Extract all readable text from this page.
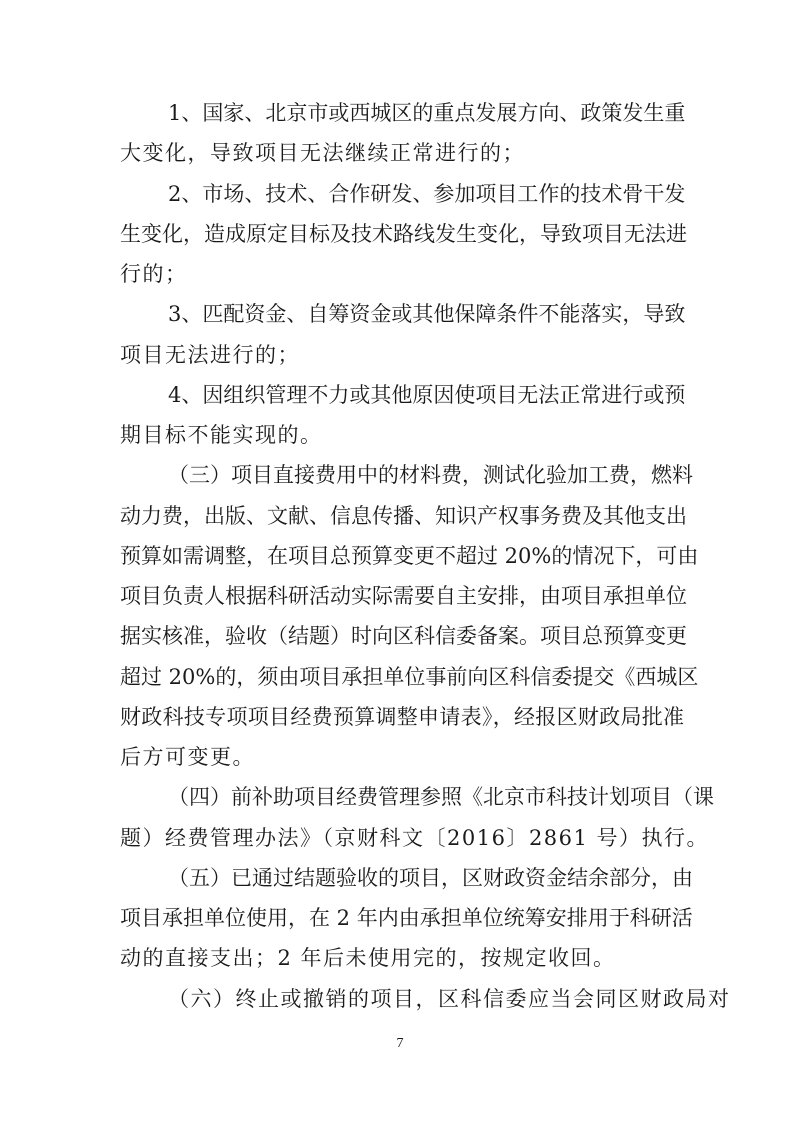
1、国家、北京市或西城区的重点发展方向、政策发生重
大变化，导致项目无法继续正常进行的；
2、市场、技术、合作研发、参加项目工作的技术骨干发
生变化，造成原定目标及技术路线发生变化，导致项目无法进
行的；
3、匹配资金、自筹资金或其他保障条件不能落实，导致
项目无法进行的；
4、因组织管理不力或其他原因使项目无法正常进行或预
期目标不能实现的。
（三）项目直接费用中的材料费，测试化验加工费，燃料
动力费，出版、文献、信息传播、知识产权事务费及其他支出
预算如需调整，在项目总预算变更不超过 20%的情况下，可由
项目负责人根据科研活动实际需要自主安排，由项目承担单位
据实核准，验收（结题）时向区科信委备案。项目总预算变更
超过 20%的，须由项目承担单位事前向区科信委提交《西城区
财政科技专项项目经费预算调整申请表》，经报区财政局批准
后方可变更。
（四）前补助项目经费管理参照《北京市科技计划项目（课
题）经费管理办法》（京财科文〔2016〕2861 号）执行。
（五）已通过结题验收的项目，区财政资金结余部分，由
项目承担单位使用，在 2 年内由承担单位统筹安排用于科研活
动的直接支出；2 年后未使用完的，按规定收回。
（六）终止或撤销的项目，区科信委应当会同区财政局对
7
